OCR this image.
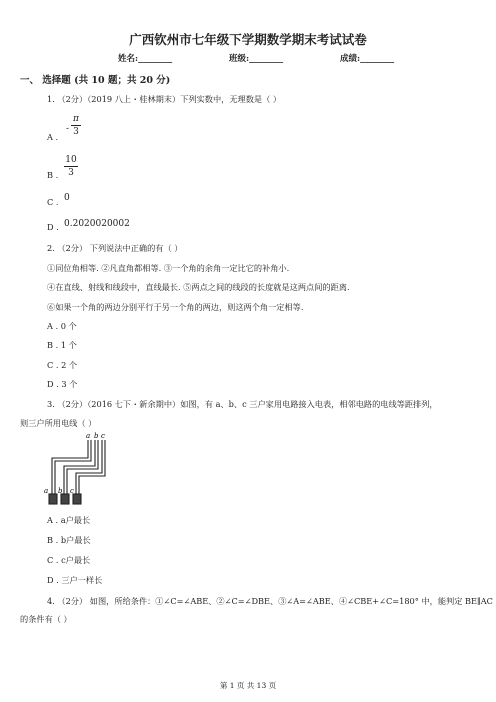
广西钦州市七年级下学期数学期末考试试卷
姓名:________	班级:________	成绩:________
一、 选择题 (共 10 题；共 20 分)
1. （2分）（2019 八上・桂林期末）下列实数中，无理数是（ ）
A .
-
π
3
B .
10
3
C . 0
D . 0.2020020002
2. （2分） 下列说法中正确的有（ ）
①同位角相等. ②凡直角都相等. ③一个角的余角一定比它的补角小.
④在直线、射线和线段中，直线最长. ⑤两点之间的线段的长度就是这两点间的距离.
⑥如果一个角的两边分别平行于另一个角的两边，则这两个角一定相等.
A . 0 个
B . 1 个
C . 2 个
D . 3 个
3. （2分）（2016 七下・新余期中）如图，有 a、b、c 三户家用电路接入电表，相邻电路的电线等距排列，
则三户所用电线（ ）
a b c
a b c
A . a户最长
B . b户最长
C . c户最长
D . 三户一样长
4. （2分） 如图，所给条件：①∠C=∠ABE、②∠C=∠DBE、③∠A=∠ABE、④∠CBE+∠C=180° 中，能判定 BE∥AC
的条件有（ ）
第 1 页 共 13 页
